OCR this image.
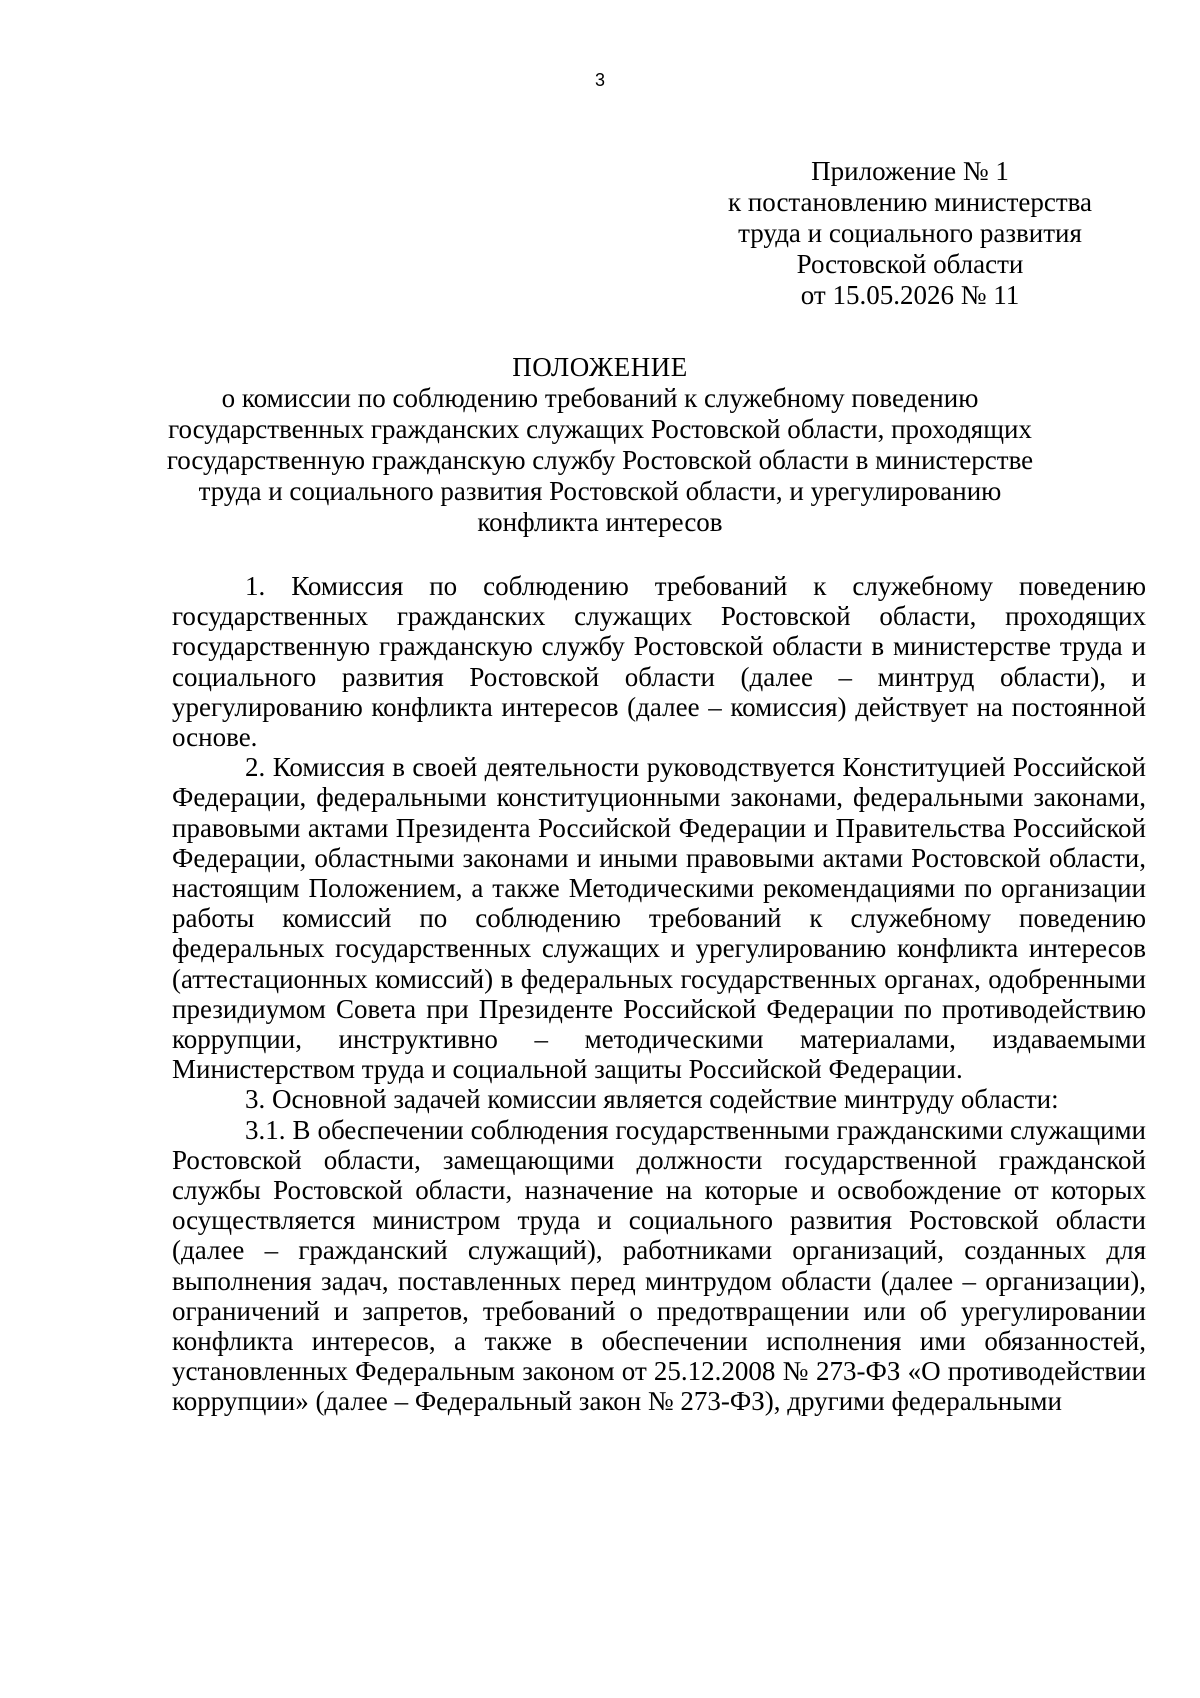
3
Приложение № 1
к постановлению министерства
труда и социального развития
Ростовской области
от 15.05.2026 № 11
ПОЛОЖЕНИЕ
о комиссии по соблюдению требований к служебному поведению
государственных гражданских служащих Ростовской области, проходящих
государственную гражданскую службу Ростовской области в министерстве
труда и социального развития Ростовской области, и урегулированию
конфликта интересов

1. Комиссия по соблюдению требований к служебному поведению государственных гражданских служащих Ростовской области, проходящих государственную гражданскую службу Ростовской области в министерстве труда и социального развития Ростовской области (далее – минтруд области), и урегулированию конфликта интересов (далее – комиссия) действует на постоянной основе.

2. Комиссия в своей деятельности руководствуется Конституцией Российской Федерации, федеральными конституционными законами, федеральными законами, правовыми актами Президента Российской Федерации и Правительства Российской Федерации, областными законами и иными правовыми актами Ростовской области, настоящим Положением, а также Методическими рекомендациями по организации работы комиссий по соблюдению требований к служебному поведению федеральных государственных служащих и урегулированию конфликта интересов (аттестационных комиссий) в федеральных государственных органах, одобренными президиумом Совета при Президенте Российской Федерации по противодействию коррупции, инструктивно – методическими материалами, издаваемыми Министерством труда и социальной защиты Российской Федерации.

3. Основной задачей комиссии является содействие минтруду области:

3.1. В обеспечении соблюдения государственными гражданскими служащими Ростовской области, замещающими должности государственной гражданской службы Ростовской области, назначение на которые и освобождение от которых осуществляется министром труда и социального развития Ростовской области (далее – гражданский служащий), работниками организаций, созданных для выполнения задач, поставленных перед минтрудом области (далее – организации), ограничений и запретов, требований о предотвращении или об урегулировании конфликта интересов, а также в обеспечении исполнения ими обязанностей, установленных Федеральным законом от 25.12.2008 № 273-ФЗ «О противодействии коррупции» (далее – Федеральный закон № 273-ФЗ), другими федеральными
